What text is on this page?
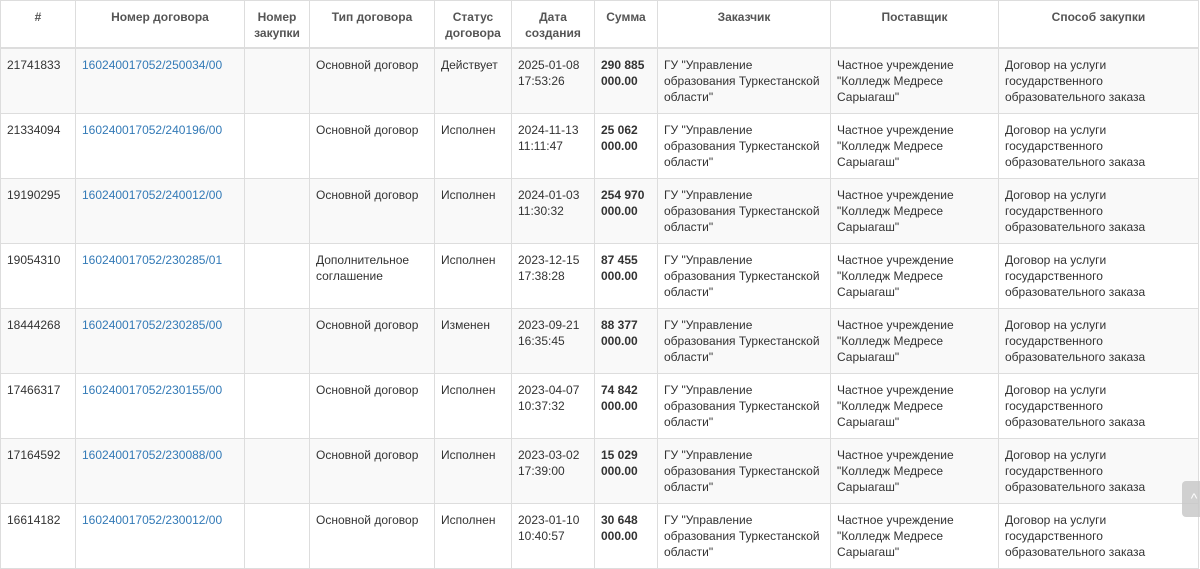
#	Номер договора	Номер закупки	Тип договора	Статус договора	Дата создания	Сумма	Заказчик	Поставщик	Способ закупки
21741833	160240017052/250034/00		Основной договор	Действует	2025-01-08 17:53:26	290 885 000.00	ГУ "Управление образования Туркестанской области"	Частное учреждение "Колледж Медресе Сарыагаш"	Договор на услуги государственного образовательного заказа
21334094	160240017052/240196/00		Основной договор	Исполнен	2024-11-13 11:11:47	25 062 000.00	ГУ "Управление образования Туркестанской области"	Частное учреждение "Колледж Медресе Сарыагаш"	Договор на услуги государственного образовательного заказа
19190295	160240017052/240012/00		Основной договор	Исполнен	2024-01-03 11:30:32	254 970 000.00	ГУ "Управление образования Туркестанской области"	Частное учреждение "Колледж Медресе Сарыагаш"	Договор на услуги государственного образовательного заказа
19054310	160240017052/230285/01		Дополнительное соглашение	Исполнен	2023-12-15 17:38:28	87 455 000.00	ГУ "Управление образования Туркестанской области"	Частное учреждение "Колледж Медресе Сарыагаш"	Договор на услуги государственного образовательного заказа
18444268	160240017052/230285/00		Основной договор	Изменен	2023-09-21 16:35:45	88 377 000.00	ГУ "Управление образования Туркестанской области"	Частное учреждение "Колледж Медресе Сарыагаш"	Договор на услуги государственного образовательного заказа
17466317	160240017052/230155/00		Основной договор	Исполнен	2023-04-07 10:37:32	74 842 000.00	ГУ "Управление образования Туркестанской области"	Частное учреждение "Колледж Медресе Сарыагаш"	Договор на услуги государственного образовательного заказа
17164592	160240017052/230088/00		Основной договор	Исполнен	2023-03-02 17:39:00	15 029 000.00	ГУ "Управление образования Туркестанской области"	Частное учреждение "Колледж Медресе Сарыагаш"	Договор на услуги государственного образовательного заказа
16614182	160240017052/230012/00		Основной договор	Исполнен	2023-01-10 10:40:57	30 648 000.00	ГУ "Управление образования Туркестанской области"	Частное учреждение "Колледж Медресе Сарыагаш"	Договор на услуги государственного образовательного заказа
^
